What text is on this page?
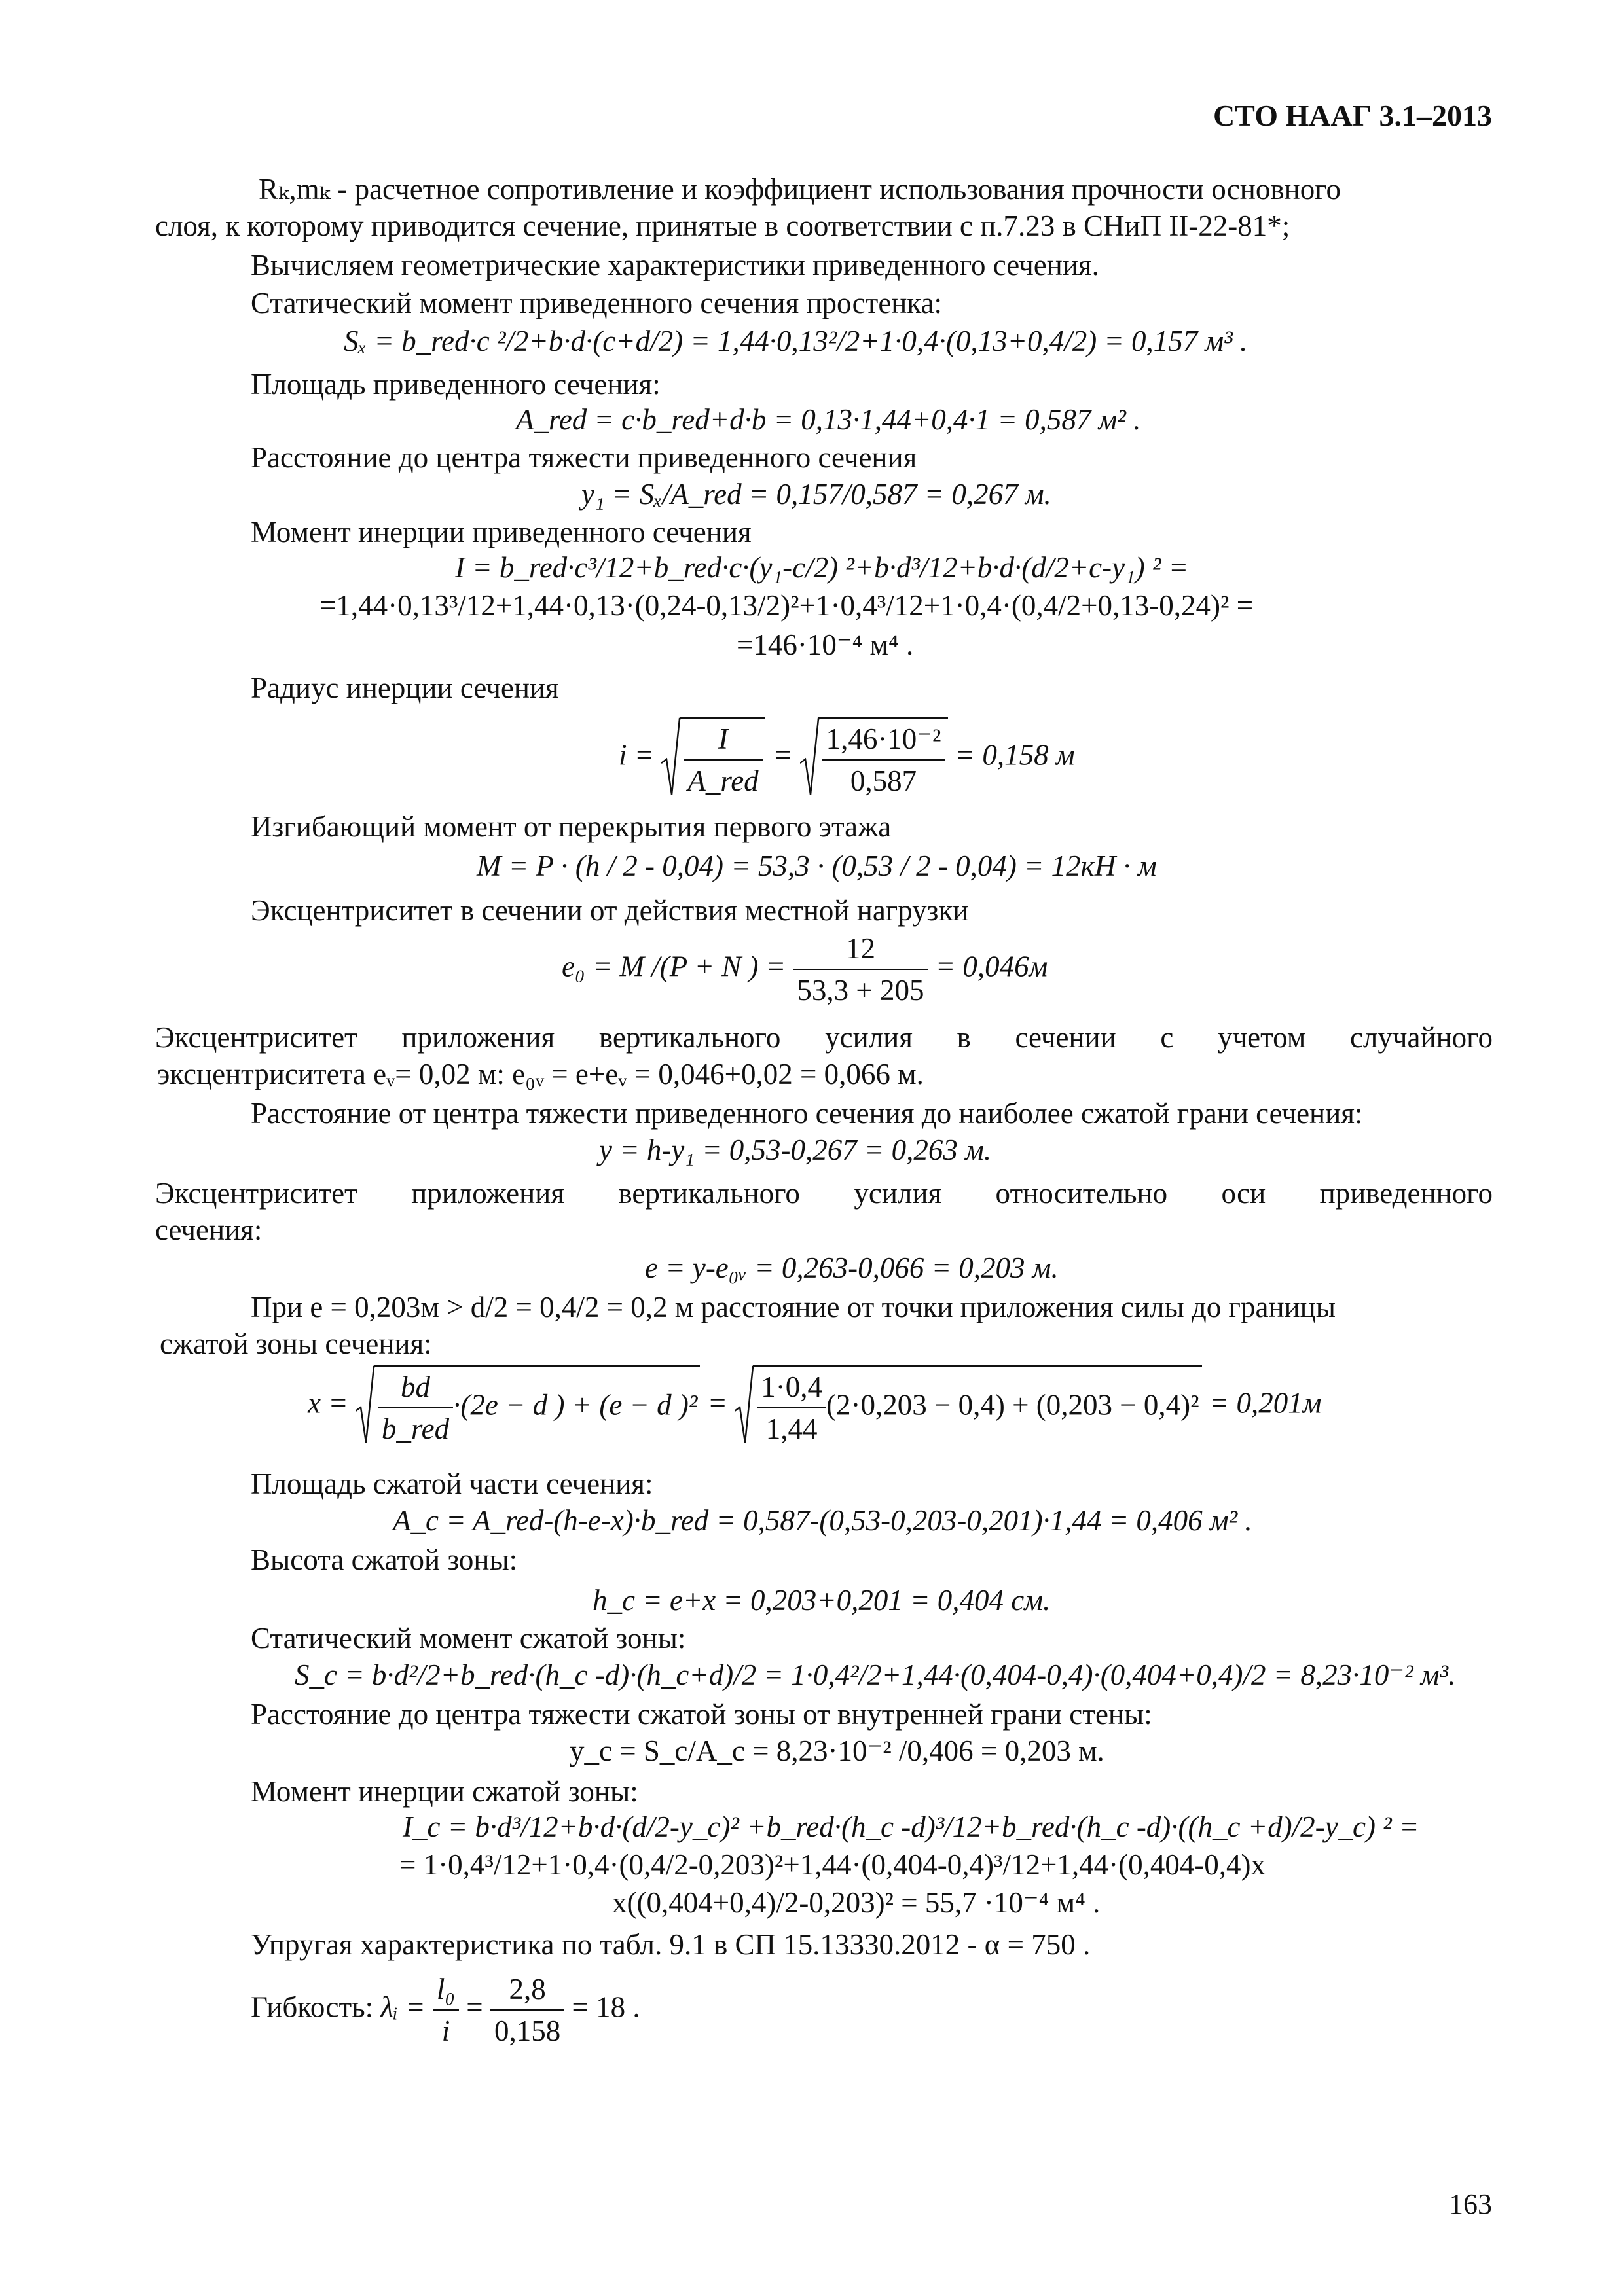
СТО НААГ 3.1–2013
Rₖ,mₖ - расчетное сопротивление и коэффициент использования прочности основного
слоя, к которому приводится сечение, принятые в соответствии с п.7.23 в СНиП II-22-81*;
Вычисляем геометрические характеристики приведенного сечения.
Статический момент приведенного сечения простенка:
Sₓ = b_red·c ²/2+b·d·(c+d/2) = 1,44·0,13²/2+1·0,4·(0,13+0,4/2) = 0,157 м³ .
Площадь приведенного сечения:
A_red = c·b_red+d·b = 0,13·1,44+0,4·1 = 0,587 м² .
Расстояние до центра тяжести приведенного сечения
y₁ = Sₓ/A_red = 0,157/0,587 = 0,267 м.
Момент инерции приведенного сечения
I = b_red·c³/12+b_red·c·(y₁-c/2) ²+b·d³/12+b·d·(d/2+c-y₁) ² =
=1,44·0,13³/12+1,44·0,13·(0,24-0,13/2)²+1·0,4³/12+1·0,4·(0,4/2+0,13-0,24)² =
=146·10⁻⁴ м⁴ .
Радиус инерции сечения
$i = \frac{I}{\text{A\_red}} = \frac{\text{1,46·10⁻²}}{0,587} = 0,158$ м
Изгибающий момент от перекрытия первого этажа
M = P · (h / 2 - 0,04) = 53,3 · (0,53 / 2 - 0,04) = 12кН · м
Эксцентриситет в сечении от действия местной нагрузки
e₀ = M /(P + N ) = $\frac{12}{53,3 + 205} = 0,046м$
Эксцентриситет приложения вертикального усилия в сечении с учетом случайного
эксцентриситета eᵥ= 0,02 м: e₀ᵥ = e+eᵥ = 0,046+0,02 = 0,066 м.
Расстояние от центра тяжести приведенного сечения до наиболее сжатой грани сечения:
y = h-y₁ = 0,53-0,267 = 0,263 м.
Эксцентриситет приложения вертикального усилия относительно оси приведенного
сечения:
e = y-e₀ᵥ = 0,263-0,066 = 0,203 м.
При e = 0,203м > d/2 = 0,4/2 = 0,2 м расстояние от точки приложения силы до границы
сжатой зоны сечения:
$x = \frac{bd}{\text{b\_red}} \cdot(2e - d$ ) + (e − d )$^2 = \frac{1\cdot 0,4}{1,44} (2\cdot 0,203 - 0,4) + (0,203 - 0,4)^2 = 0,201м$
Площадь сжатой части сечения:
A_c = A_red-(h-e-x)·b_red = 0,587-(0,53-0,203-0,201)·1,44 = 0,406 м² .
Высота сжатой зоны:
h_c = e+x = 0,203+0,201 = 0,404 см.
Статический момент сжатой зоны:
S_c = b·d²/2+b_red·(h_c -d)·(h_c+d)/2 = 1·0,4²/2+1,44·(0,404-0,4)·(0,404+0,4)/2 = 8,23·10⁻² м³.
Расстояние до центра тяжести сжатой зоны от внутренней грани стены:
y_c = S_c/A_c = 8,23·10⁻² /0,406 = 0,203 м.
Момент инерции сжатой зоны:
I_c = b·d³/12+b·d·(d/2-y_c)² +b_red·(h_c -d)³/12+b_red·(h_c -d)·((h_c +d)/2-y_c) ² =
= 1·0,4³/12+1·0,4·(0,4/2-0,203)²+1,44·(0,404-0,4)³/12+1,44·(0,404-0,4)x
x((0,404+0,4)/2-0,203)² = 55,7 ·10⁻⁴ м⁴ .
Упругая характеристика по табл. 9.1 в СП 15.13330.2012 - α = 750 .
Гибкость: λᵢ = $\frac{\text{l₀}}{i} = \frac{2,8}{0,158} = 18$ .
163
